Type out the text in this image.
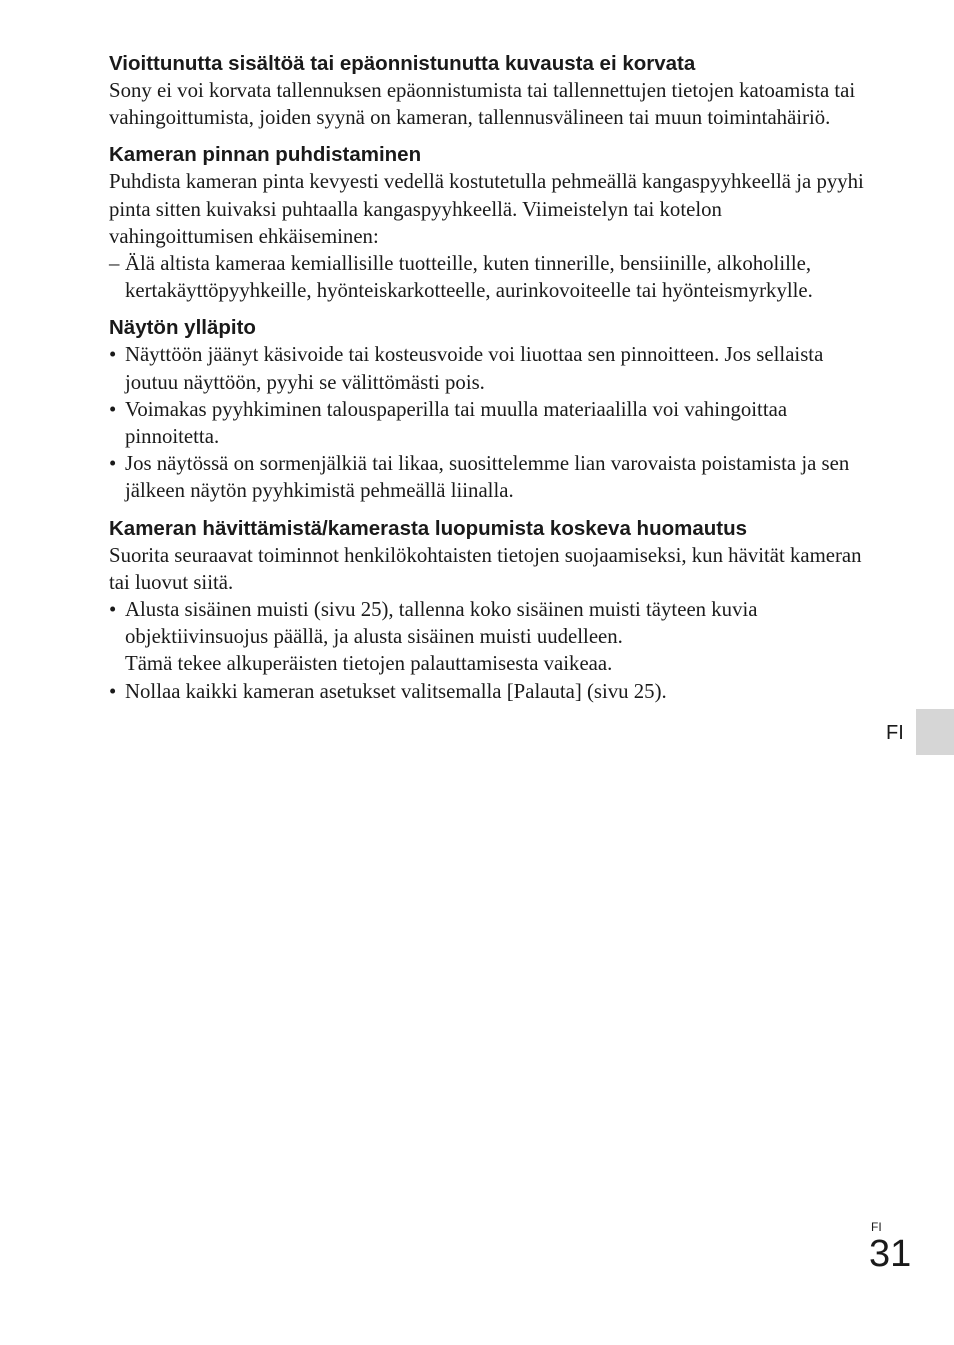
Vioittunutta sisältöä tai epäonnistunutta kuvausta ei korvata

Sony ei voi korvata tallennuksen epäonnistumista tai tallennettujen tietojen katoamista tai vahingoittumista, joiden syynä on kameran, tallennusvälineen tai muun toimintahäiriö.

Kameran pinnan puhdistaminen

Puhdista kameran pinta kevyesti vedellä kostutetulla pehmeällä kangaspyyhkeellä ja pyyhi pinta sitten kuivaksi puhtaalla kangaspyyhkeellä. Viimeistelyn tai kotelon vahingoittumisen ehkäiseminen:

– Älä altista kameraa kemiallisille tuotteille, kuten tinnerille, bensiinille, alkoholille, kertakäyttöpyyhkeille, hyönteiskarkotteelle, aurinkovoiteelle tai hyönteismyrkylle.
Näytön ylläpito
• Näyttöön jäänyt käsivoide tai kosteusvoide voi liuottaa sen pinnoitteen. Jos sellaista joutuu näyttöön, pyyhi se välittömästi pois.
• Voimakas pyyhkiminen talouspaperilla tai muulla materiaalilla voi vahingoittaa pinnoitetta.
• Jos näytössä on sormenjälkiä tai likaa, suosittelemme lian varovaista poistamista ja sen jälkeen näytön pyyhkimistä pehmeällä liinalla.
Kameran hävittämistä/kamerasta luopumista koskeva huomautus

Suorita seuraavat toiminnot henkilökohtaisten tietojen suojaamiseksi, kun hävität kameran tai luovut siitä.

• Alusta sisäinen muisti (sivu 25), tallenna koko sisäinen muisti täyteen kuvia objektiivinsuojus päällä, ja alusta sisäinen muisti uudelleen.
Tämä tekee alkuperäisten tietojen palauttamisesta vaikeaa.
• Nollaa kaikki kameran asetukset valitsemalla [Palauta] (sivu 25).
FI
FI
31
